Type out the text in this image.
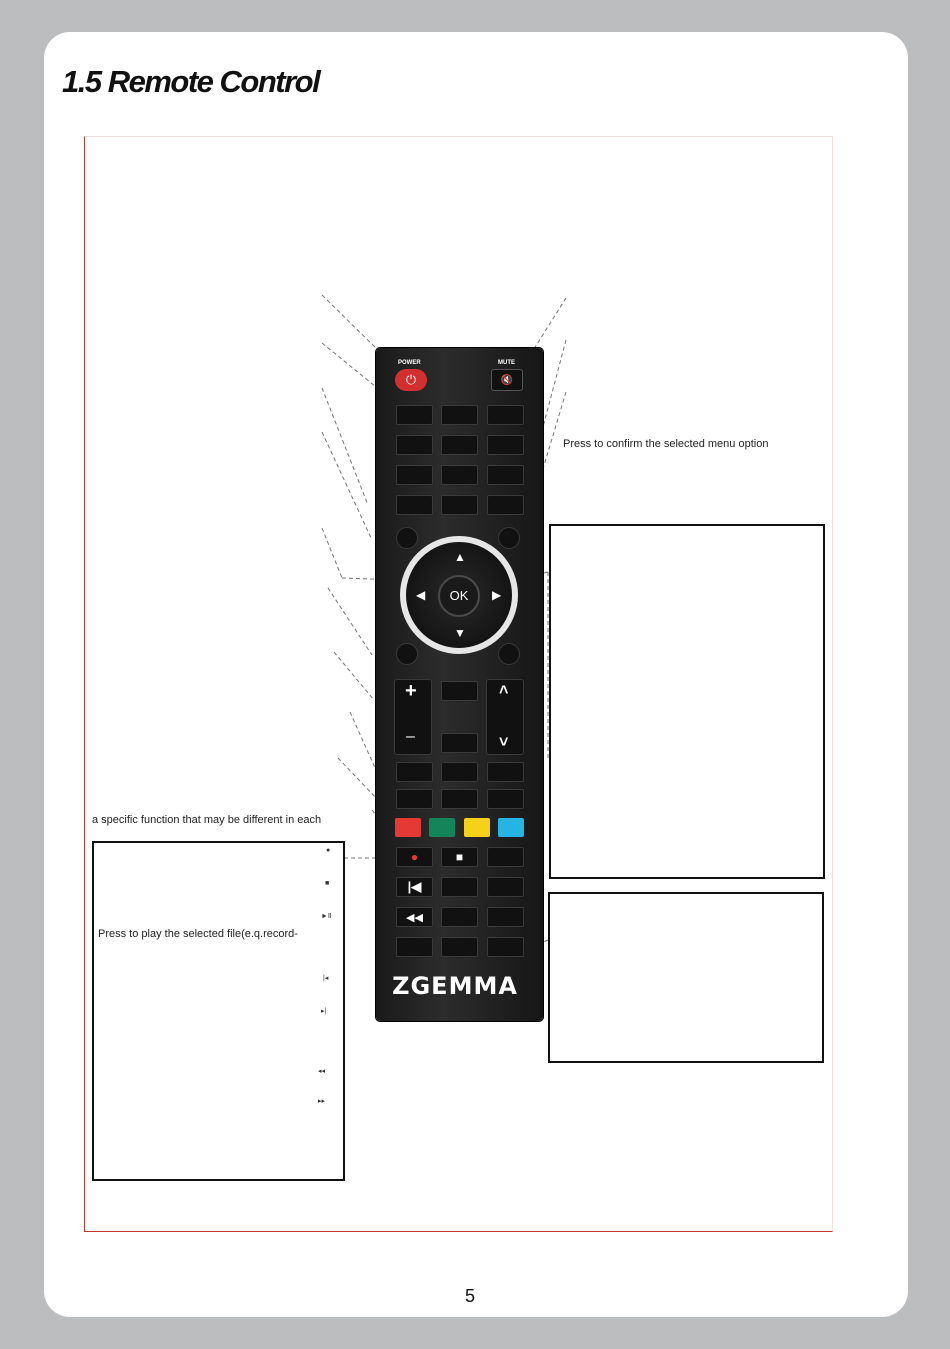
1.5 Remote Control
POWER	MUTE
⏻	🔇
OK
▲
▼
◀	▶
+
–
˄
˅
●	■
|◀
◀◀
ZGEMMA
Press to confirm the selected menu option
a specific function that may be different in each
Press to play the selected file(e.q.record-
●
■
►Ⅱ
|◂
▸|
◂◂
▸▸
5
